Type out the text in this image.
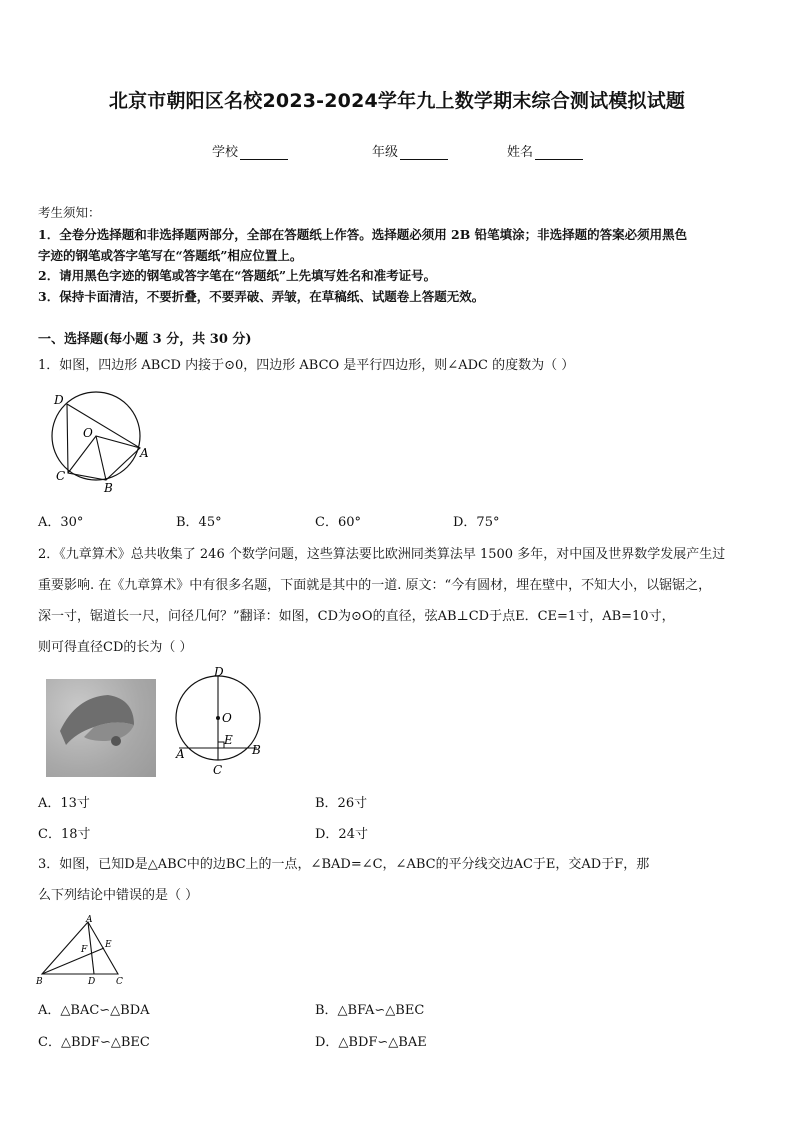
北京市朝阳区名校2023-2024学年九上数学期末综合测试模拟试题
学校	年级	姓名
考生须知：
1．全卷分选择题和非选择题两部分，全部在答题纸上作答。选择题必须用 2B 铅笔填涂；非选择题的答案必须用黑色
字迹的钢笔或答字笔写在“答题纸”相应位置上。
2．请用黑色字迹的钢笔或答字笔在“答题纸”上先填写姓名和准考证号。
3．保持卡面清洁，不要折叠，不要弄破、弄皱，在草稿纸、试题卷上答题无效。
一、选择题(每小题 3 分，共 30 分)
1．如图，四边形 ABCD 内接于⊙0，四边形 ABCO 是平行四边形，则∠ADC 的度数为（ ）
D
O
A
C
B
A．30°	B．45°	C．60°	D．75°
2．《九章算术》总共收集了 246 个数学问题，这些算法要比欧洲同类算法早 1500 多年，对中国及世界数学发展产生过
重要影响. 在《九章算术》中有很多名题，下面就是其中的一道. 原文：“今有圆材，埋在壁中，不知大小，以锯锯之，
深一寸，锯道长一尺，问径几何？”翻译：如图，CD为⊙O的直径，弦AB⊥CD于点E．CE=1寸，AB=10寸，
则可得直径CD的长为（ ）
D
O
E
A	B
C
A．13寸	B．26寸
C．18寸	D．24寸
3．如图，已知D是△ABC中的边BC上的一点，∠BAD=∠C，∠ABC的平分线交边AC于E，交AD于F，那
么下列结论中错误的是（ ）
A
F E
B	D C
A．△BAC∽△BDA	B．△BFA∽△BEC
C．△BDF∽△BEC	D．△BDF∽△BAE
